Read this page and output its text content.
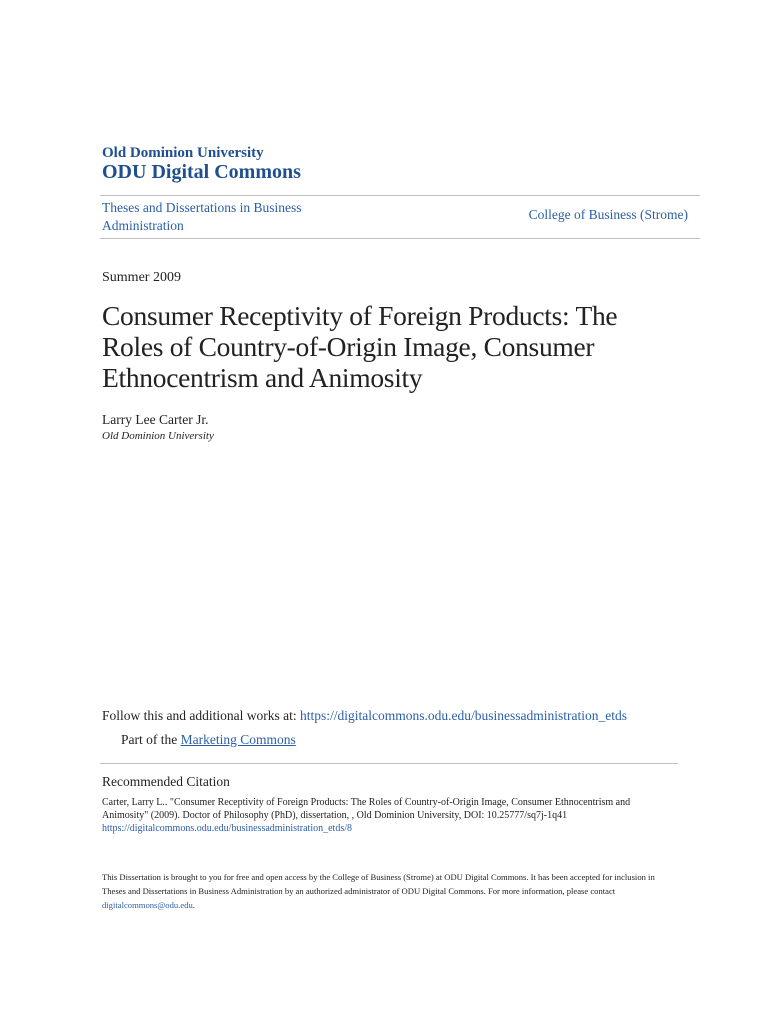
Old Dominion University
ODU Digital Commons
Theses and Dissertations in Business Administration
College of Business (Strome)
Summer 2009
Consumer Receptivity of Foreign Products: The Roles of Country-of-Origin Image, Consumer Ethnocentrism and Animosity
Larry Lee Carter Jr.
Old Dominion University
Follow this and additional works at: https://digitalcommons.odu.edu/businessadministration_etds
Part of the Marketing Commons
Recommended Citation
Carter, Larry L.. "Consumer Receptivity of Foreign Products: The Roles of Country-of-Origin Image, Consumer Ethnocentrism and Animosity" (2009). Doctor of Philosophy (PhD), dissertation, , Old Dominion University, DOI: 10.25777/sq7j-1q41
https://digitalcommons.odu.edu/businessadministration_etds/8
This Dissertation is brought to you for free and open access by the College of Business (Strome) at ODU Digital Commons. It has been accepted for inclusion in Theses and Dissertations in Business Administration by an authorized administrator of ODU Digital Commons. For more information, please contact digitalcommons@odu.edu.
